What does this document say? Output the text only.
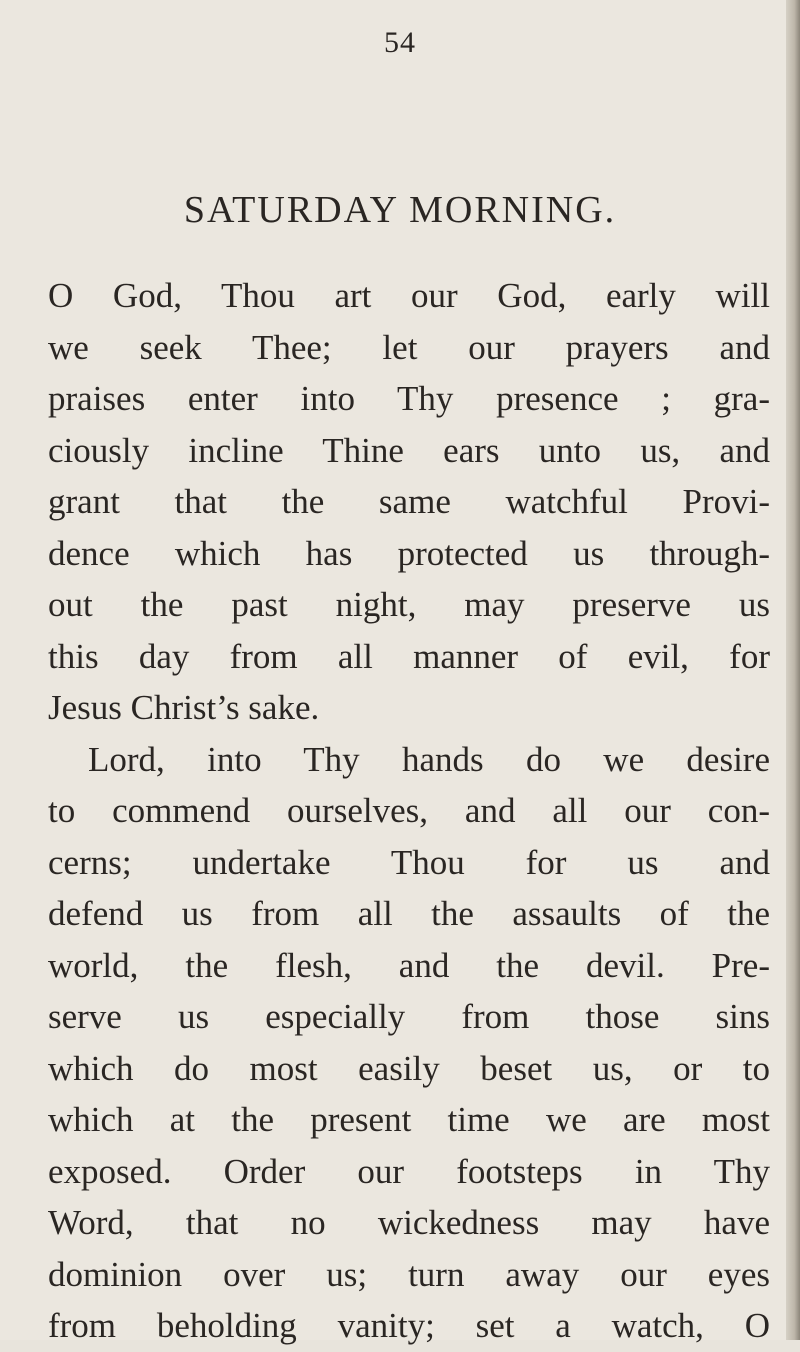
54
SATURDAY MORNING.
O God, Thou art our God, early will
we seek Thee; let our prayers and
praises enter into Thy presence ; gra-
ciously incline Thine ears unto us, and
grant that the same watchful Provi-
dence which has protected us through-
out the past night, may preserve us
this day from all manner of evil, for
Jesus Christ’s sake.
Lord, into Thy hands do we desire
to commend ourselves, and all our con-
cerns; undertake Thou for us and
defend us from all the assaults of the
world, the flesh, and the devil. Pre-
serve us especially from those sins
which do most easily beset us, or to
which at the present time we are most
exposed. Order our footsteps in Thy
Word, that no wickedness may have
dominion over us; turn away our eyes
from beholding vanity; set a watch, O
